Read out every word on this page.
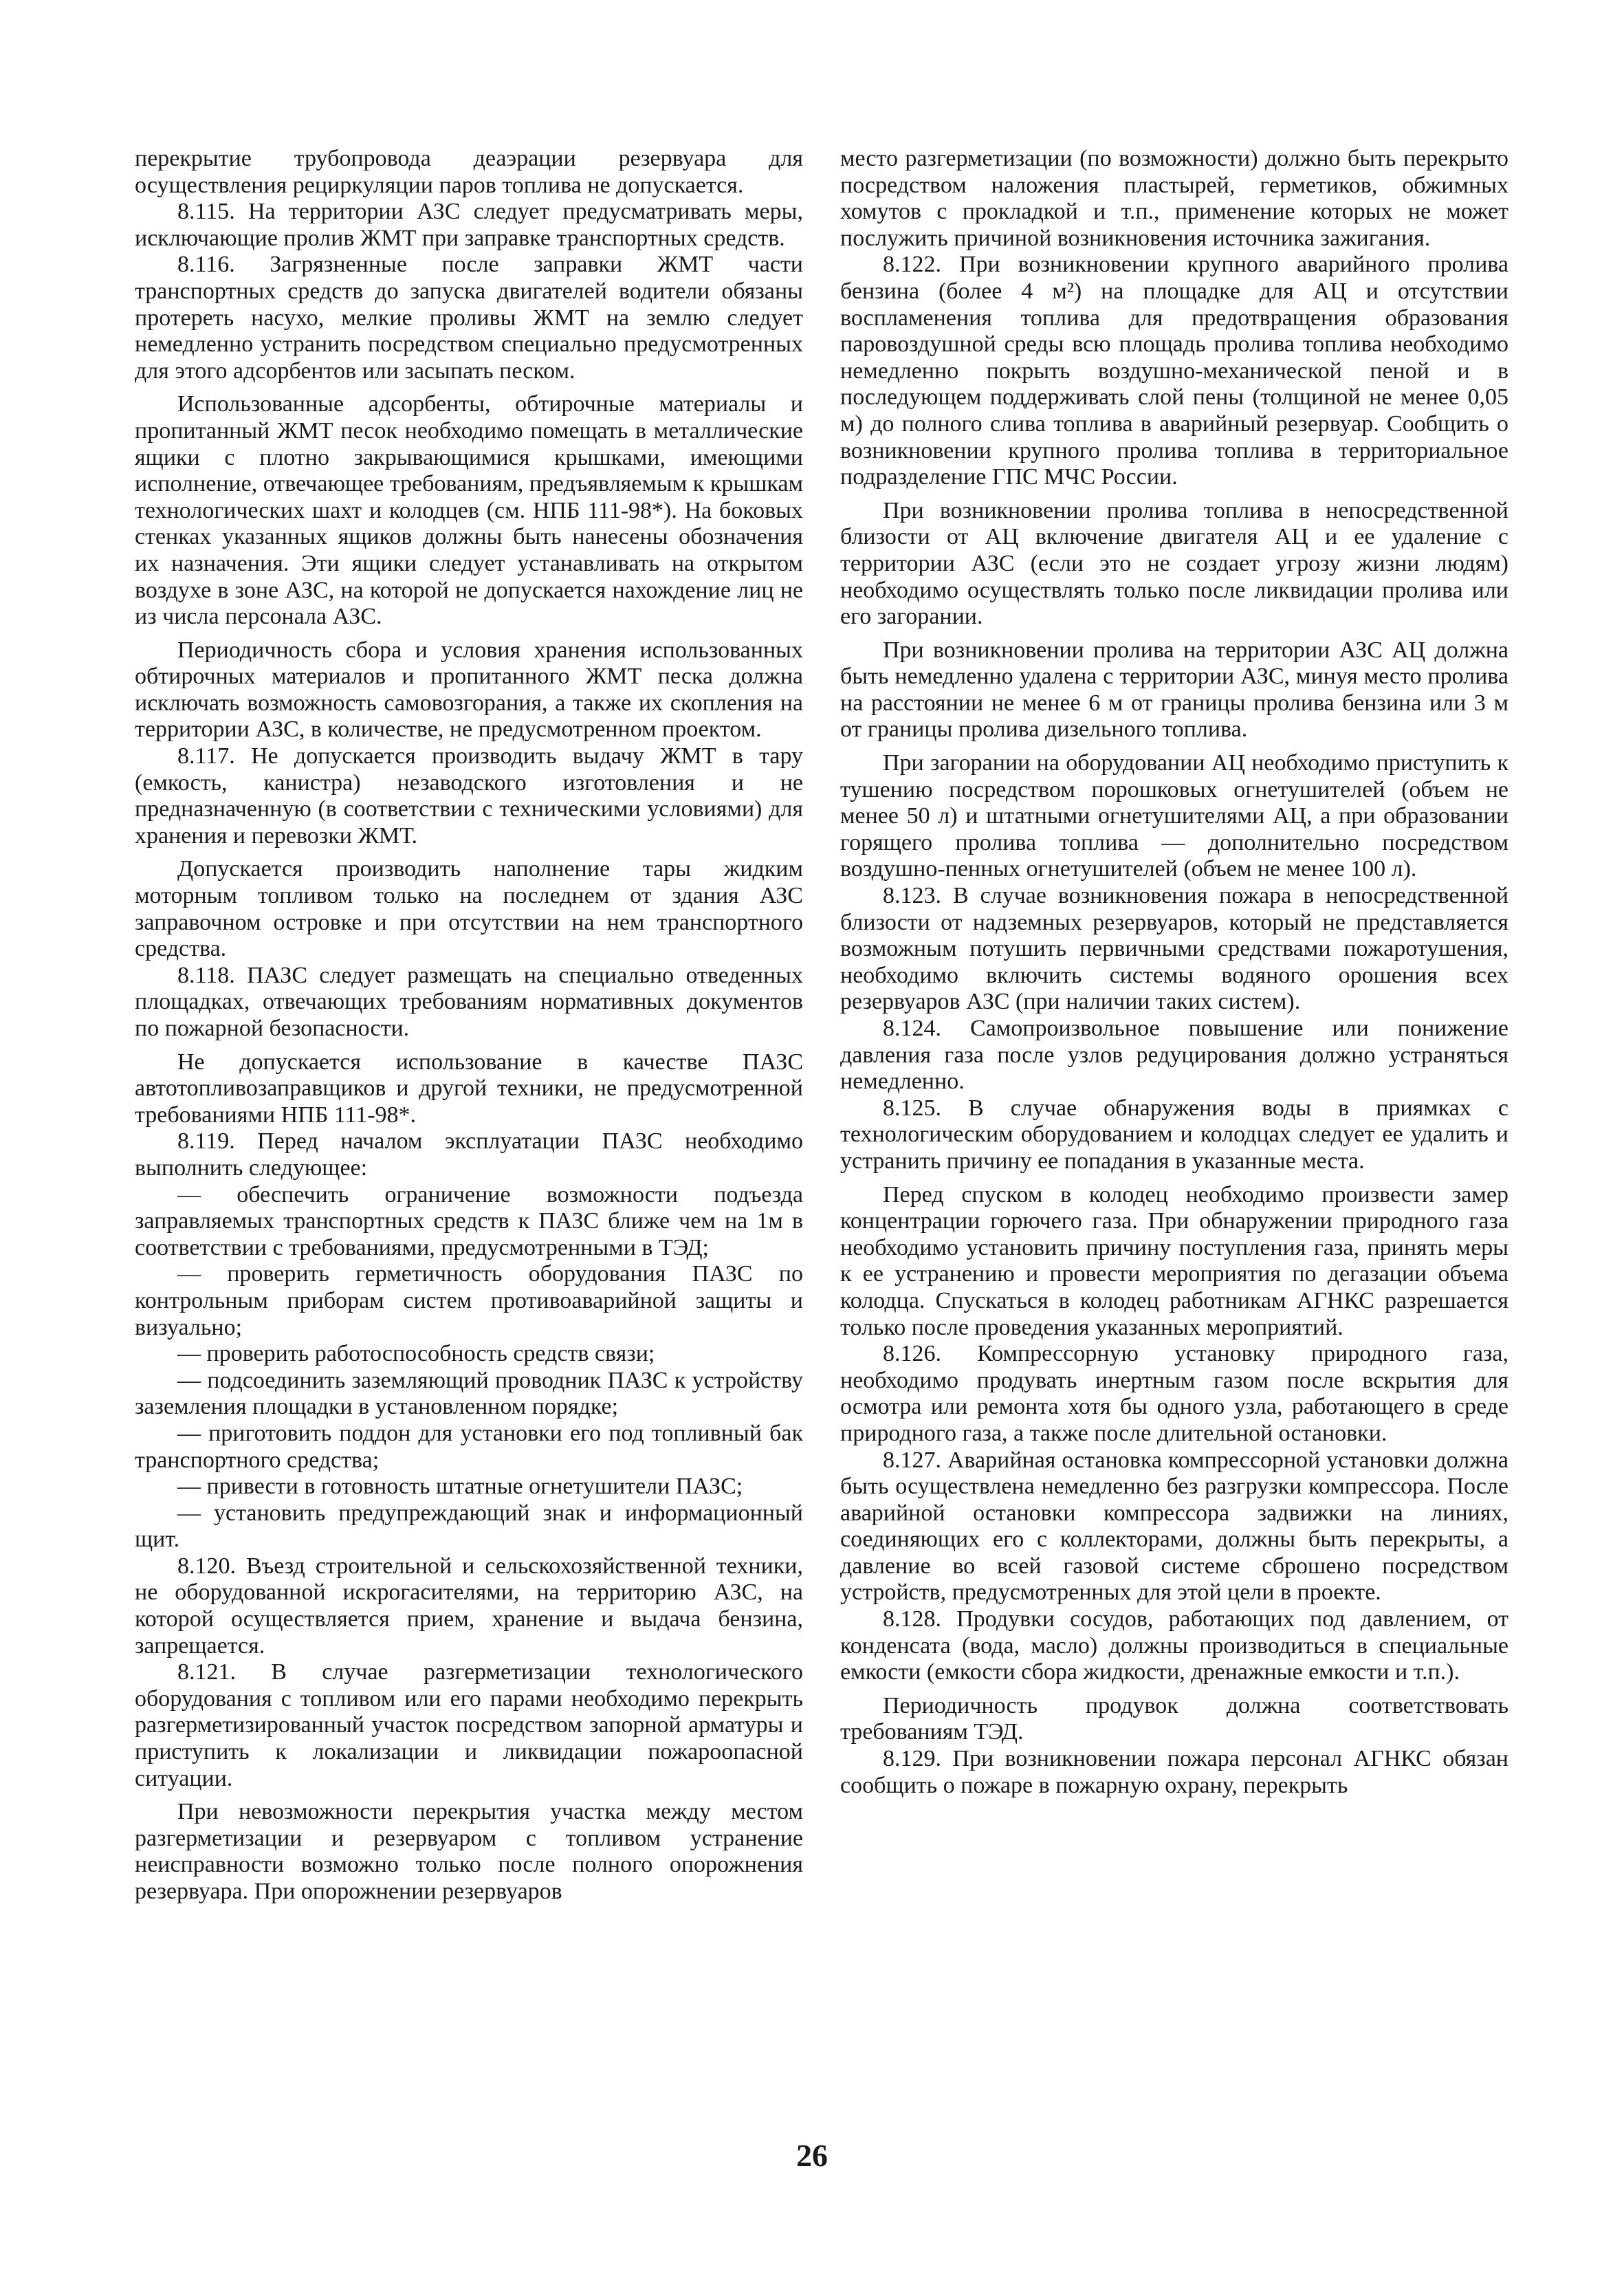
перекрытие трубопровода деаэрации резервуара для осуществления рециркуляции паров топлива не допускается.

8.115. На территории АЗС следует предусматривать меры, исключающие пролив ЖМТ при заправке транспортных средств.

8.116. Загрязненные после заправки ЖМТ части транспортных средств до запуска двигателей водители обязаны протереть насухо, мелкие проливы ЖМТ на землю следует немедленно устранить посредством специально предусмотренных для этого адсорбентов или засыпать песком.

Использованные адсорбенты, обтирочные материалы и пропитанный ЖМТ песок необходимо помещать в металлические ящики с плотно закрывающимися крышками, имеющими исполнение, отвечающее требованиям, предъявляемым к крышкам технологических шахт и колодцев (см. НПБ 111-98*). На боковых стенках указанных ящиков должны быть нанесены обозначения их назначения. Эти ящики следует устанавливать на открытом воздухе в зоне АЗС, на которой не допускается нахождение лиц не из числа персонала АЗС.

Периодичность сбора и условия хранения использованных обтирочных материалов и пропитанного ЖМТ песка должна исключать возможность самовозгорания, а также их скопления на территории АЗС, в количестве, не предусмотренном проектом.

8.117. Не допускается производить выдачу ЖМТ в тару (емкость, канистра) незаводского изготовления и не предназначенную (в соответствии с техническими условиями) для хранения и перевозки ЖМТ.

Допускается производить наполнение тары жидким моторным топливом только на последнем от здания АЗС заправочном островке и при отсутствии на нем транспортного средства.

8.118. ПАЗС следует размещать на специально отведенных площадках, отвечающих требованиям нормативных документов по пожарной безопасности.

Не допускается использование в качестве ПАЗС автотопливозаправщиков и другой техники, не предусмотренной требованиями НПБ 111-98*.

8.119. Перед началом эксплуатации ПАЗС необходимо выполнить следующее:

— обеспечить ограничение возможности подъезда заправляемых транспортных средств к ПАЗС ближе чем на 1м в соответствии с требованиями, предусмотренными в ТЭД;

— проверить герметичность оборудования ПАЗС по контрольным приборам систем противоаварийной защиты и визуально;

— проверить работоспособность средств связи;

— подсоединить заземляющий проводник ПАЗС к устройству заземления площадки в установленном порядке;

— приготовить поддон для установки его под топливный бак транспортного средства;

— привести в готовность штатные огнетушители ПАЗС;

— установить предупреждающий знак и информационный щит.

8.120. Въезд строительной и сельскохозяйственной техники, не оборудованной искрогасителями, на территорию АЗС, на которой осуществляется прием, хранение и выдача бензина, запрещается.

8.121. В случае разгерметизации технологического оборудования с топливом или его парами необходимо перекрыть разгерметизированный участок посредством запорной арматуры и приступить к локализации и ликвидации пожароопасной ситуации.

При невозможности перекрытия участка между местом разгерметизации и резервуаром с топливом устранение неисправности возможно только после полного опорожнения резервуара. При опорожнении резервуаров

место разгерметизации (по возможности) должно быть перекрыто посредством наложения пластырей, герметиков, обжимных хомутов с прокладкой и т.п., применение которых не может послужить причиной возникновения источника зажигания.

8.122. При возникновении крупного аварийного пролива бензина (более 4 м²) на площадке для АЦ и отсутствии воспламенения топлива для предотвращения образования паровоздушной среды всю площадь пролива топлива необходимо немедленно покрыть воздушно-механической пеной и в последующем поддерживать слой пены (толщиной не менее 0,05 м) до полного слива топлива в аварийный резервуар. Сообщить о возникновении крупного пролива топлива в территориальное подразделение ГПС МЧС России.

При возникновении пролива топлива в непосредственной близости от АЦ включение двигателя АЦ и ее удаление с территории АЗС (если это не создает угрозу жизни людям) необходимо осуществлять только после ликвидации пролива или его загорании.

При возникновении пролива на территории АЗС АЦ должна быть немедленно удалена с территории АЗС, минуя место пролива на расстоянии не менее 6 м от границы пролива бензина или 3 м от границы пролива дизельного топлива.

При загорании на оборудовании АЦ необходимо приступить к тушению посредством порошковых огнетушителей (объем не менее 50 л) и штатными огнетушителями АЦ, а при образовании горящего пролива топлива — дополнительно посредством воздушно-пенных огнетушителей (объем не менее 100 л).

8.123. В случае возникновения пожара в непосредственной близости от надземных резервуаров, который не представляется возможным потушить первичными средствами пожаротушения, необходимо включить системы водяного орошения всех резервуаров АЗС (при наличии таких систем).

8.124. Самопроизвольное повышение или понижение давления газа после узлов редуцирования должно устраняться немедленно.

8.125. В случае обнаружения воды в приямках с технологическим оборудованием и колодцах следует ее удалить и устранить причину ее попадания в указанные места.

Перед спуском в колодец необходимо произвести замер концентрации горючего газа. При обнаружении природного газа необходимо установить причину поступления газа, принять меры к ее устранению и провести мероприятия по дегазации объема колодца. Спускаться в колодец работникам АГНКС разрешается только после проведения указанных мероприятий.

8.126. Компрессорную установку природного газа, необходимо продувать инертным газом после вскрытия для осмотра или ремонта хотя бы одного узла, работающего в среде природного газа, а также после длительной остановки.

8.127. Аварийная остановка компрессорной установки должна быть осуществлена немедленно без разгрузки компрессора. После аварийной остановки компрессора задвижки на линиях, соединяющих его с коллекторами, должны быть перекрыты, а давление во всей газовой системе сброшено посредством устройств, предусмотренных для этой цели в проекте.

8.128. Продувки сосудов, работающих под давлением, от конденсата (вода, масло) должны производиться в специальные емкости (емкости сбора жидкости, дренажные емкости и т.п.).

Периодичность продувок должна соответствовать требованиям ТЭД.

8.129. При возникновении пожара персонал АГНКС обязан сообщить о пожаре в пожарную охрану, перекрыть

26
